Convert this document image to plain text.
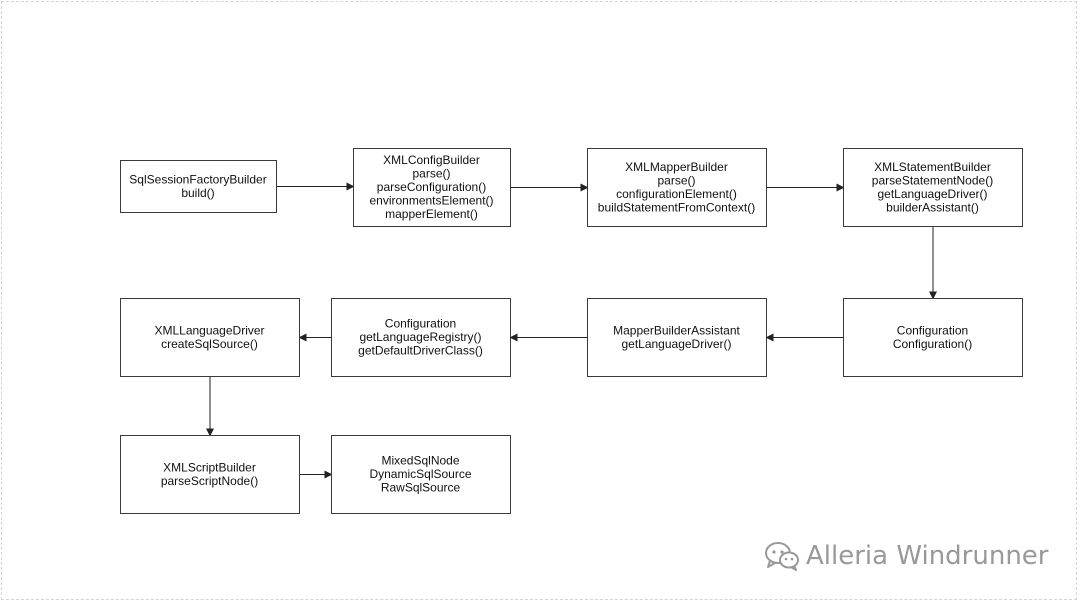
SqlSessionFactoryBuilder
build()
XMLConfigBuilder
parse()
parseConfiguration()
environmentsElement()
mapperElement()
XMLMapperBuilder
parse()
configurationElement()
buildStatementFromContext()
XMLStatementBuilder
parseStatementNode()
getLanguageDriver()
builderAssistant()
Configuration
Configuration()
MapperBuilderAssistant
getLanguageDriver()
Configuration
getLanguageRegistry()
getDefaultDriverClass()
XMLLanguageDriver
createSqlSource()
XMLScriptBuilder
parseScriptNode()
MixedSqlNode
DynamicSqlSource
RawSqlSource
Alleria Windrunner
